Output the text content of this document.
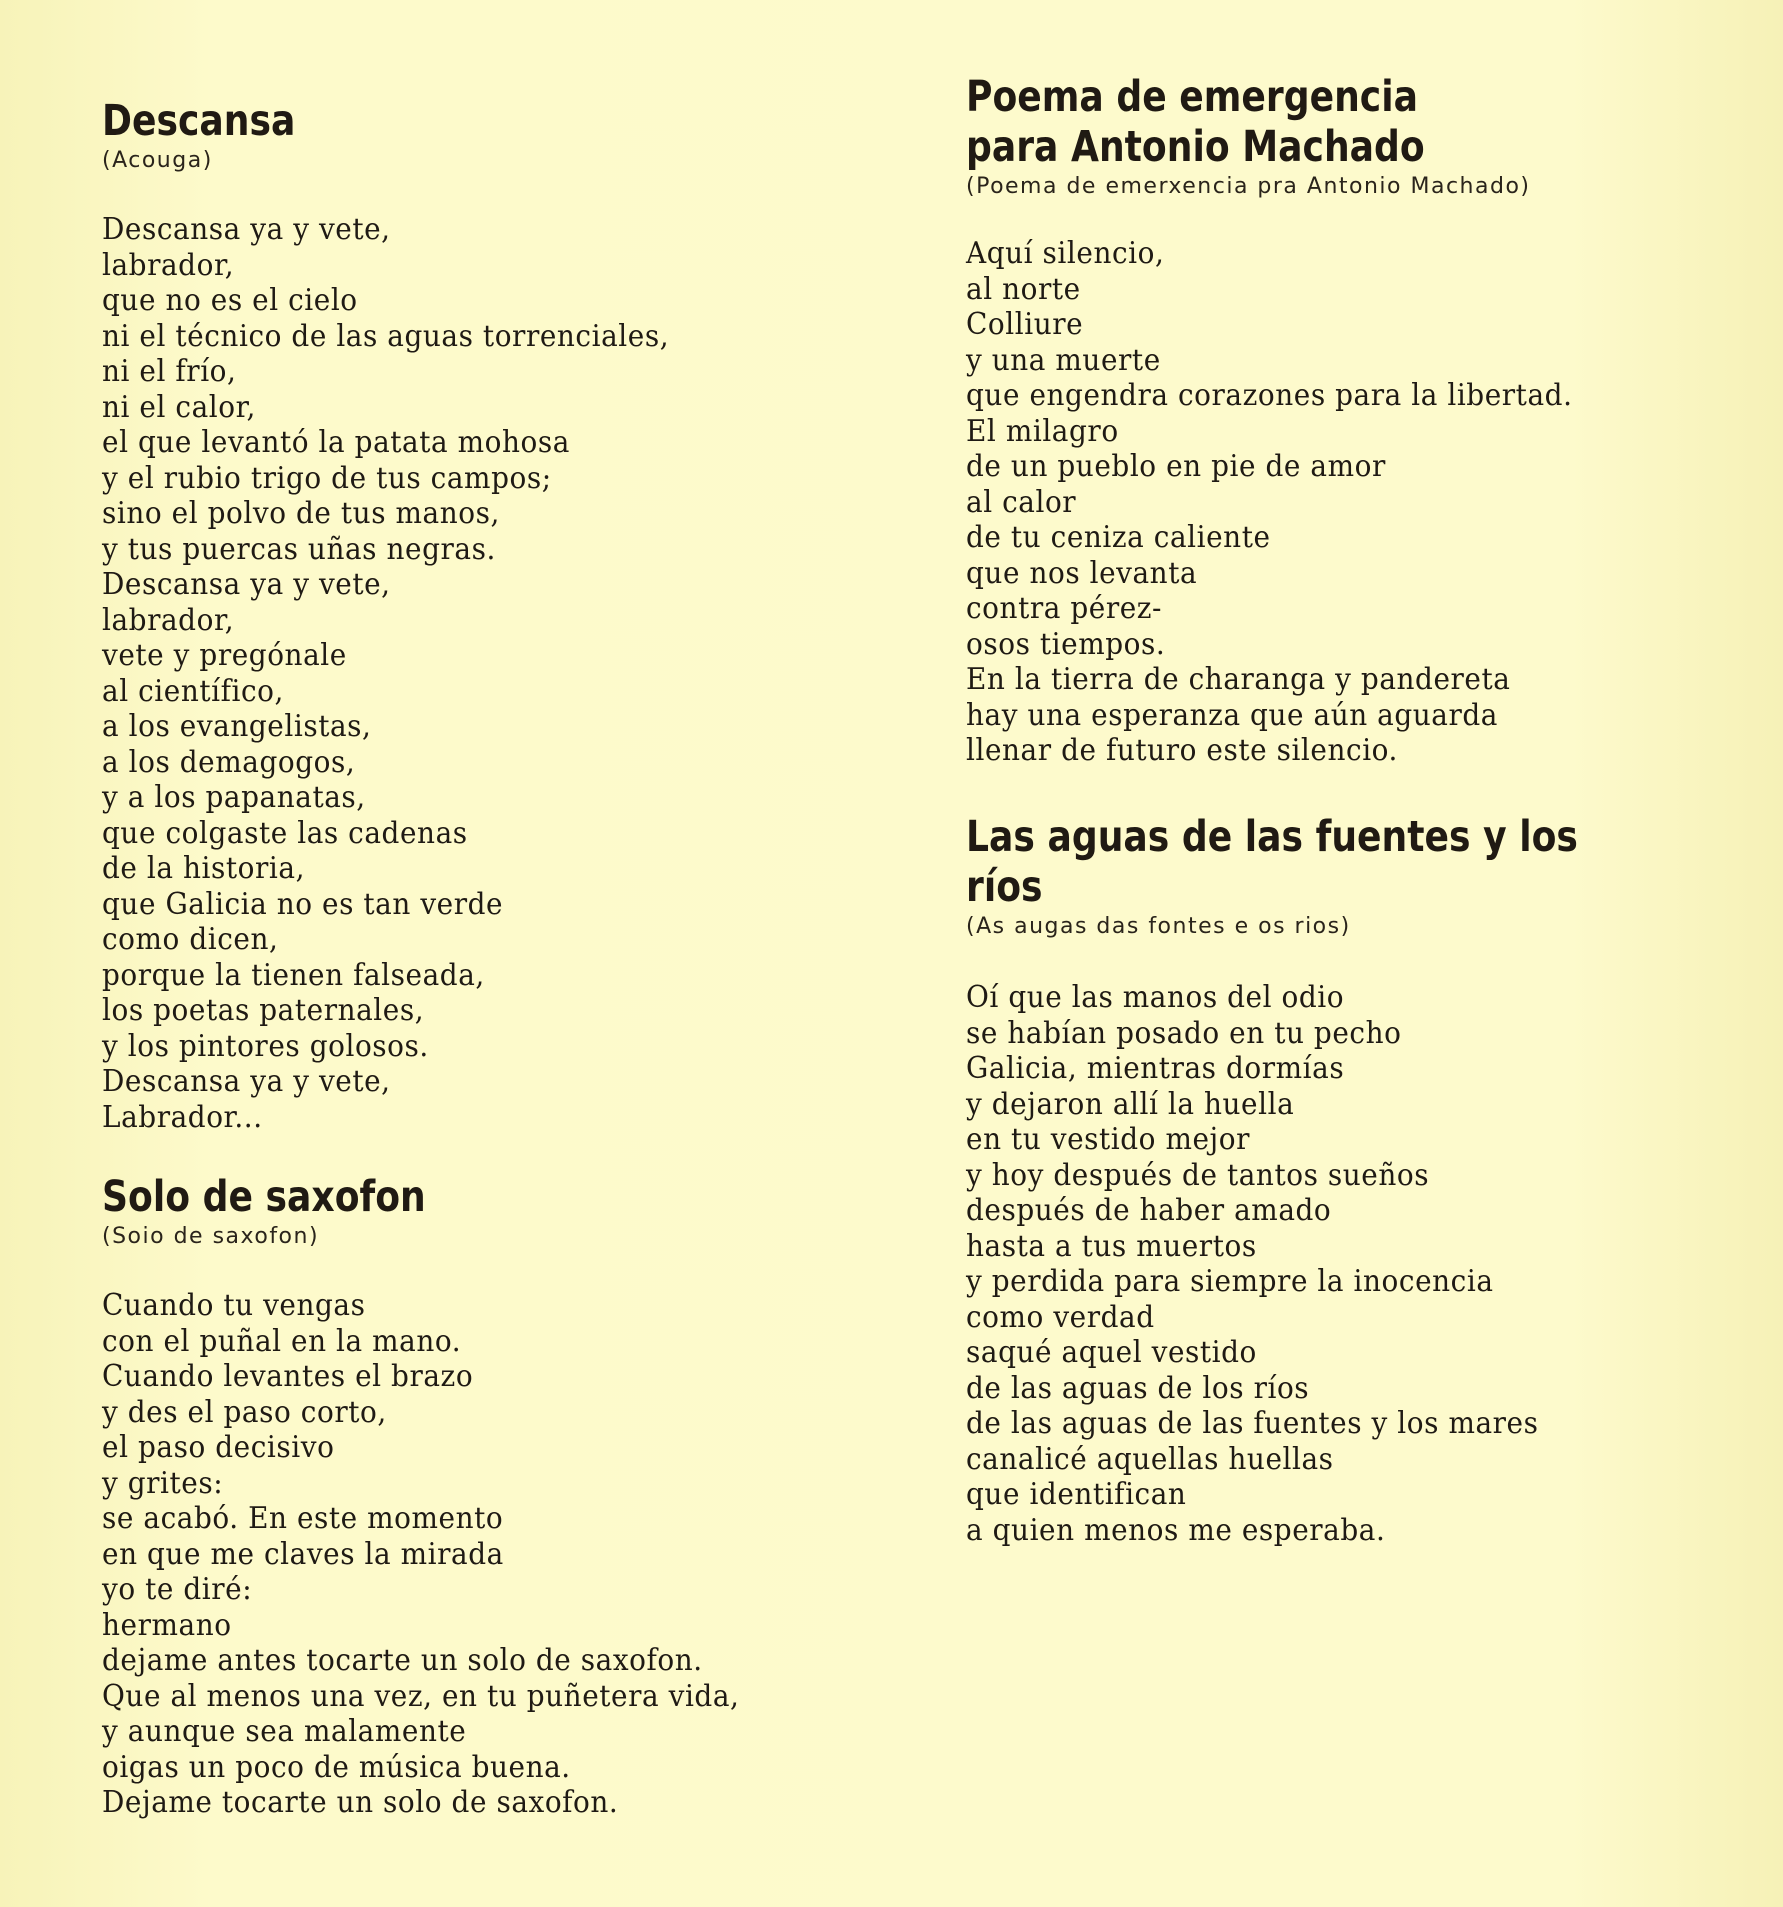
Descansa
(Acouga)
Descansa ya y vete,
labrador,
que no es el cielo
ni el técnico de las aguas torrenciales,
ni el frío,
ni el calor,
el que levantó la patata mohosa
y el rubio trigo de tus campos;
sino el polvo de tus manos,
y tus puercas uñas negras.
Descansa ya y vete,
labrador,
vete y pregónale
al científico,
a los evangelistas,
a los demagogos,
y a los papanatas,
que colgaste las cadenas
de la historia,
que Galicia no es tan verde
como dicen,
porque la tienen falseada,
los poetas paternales,
y los pintores golosos.
Descansa ya y vete,
Labrador...
Solo de saxofon
(Soio de saxofon)
Cuando tu vengas
con el puñal en la mano.
Cuando levantes el brazo
y des el paso corto,
el paso decisivo
y grites:
se acabó. En este momento
en que me claves la mirada
yo te diré:
hermano
dejame antes tocarte un solo de saxofon.
Que al menos una vez, en tu puñetera vida,
y aunque sea malamente
oigas un poco de música buena.
Dejame tocarte un solo de saxofon.
Poema de emergencia
para Antonio Machado
(Poema de emerxencia pra Antonio Machado)
Aquí silencio,
al norte
Colliure
y una muerte
que engendra corazones para la libertad.
El milagro
de un pueblo en pie de amor
al calor
de tu ceniza caliente
que nos levanta
contra pérez-
osos tiempos.
En la tierra de charanga y pandereta
hay una esperanza que aún aguarda
llenar de futuro este silencio.
Las aguas de las fuentes y los ríos
(As augas das fontes e os rios)
Oí que las manos del odio
se habían posado en tu pecho
Galicia, mientras dormías
y dejaron allí la huella
en tu vestido mejor
y hoy después de tantos sueños
después de haber amado
hasta a tus muertos
y perdida para siempre la inocencia
como verdad
saqué aquel vestido
de las aguas de los ríos
de las aguas de las fuentes y los mares
canalicé aquellas huellas
que identifican
a quien menos me esperaba.
